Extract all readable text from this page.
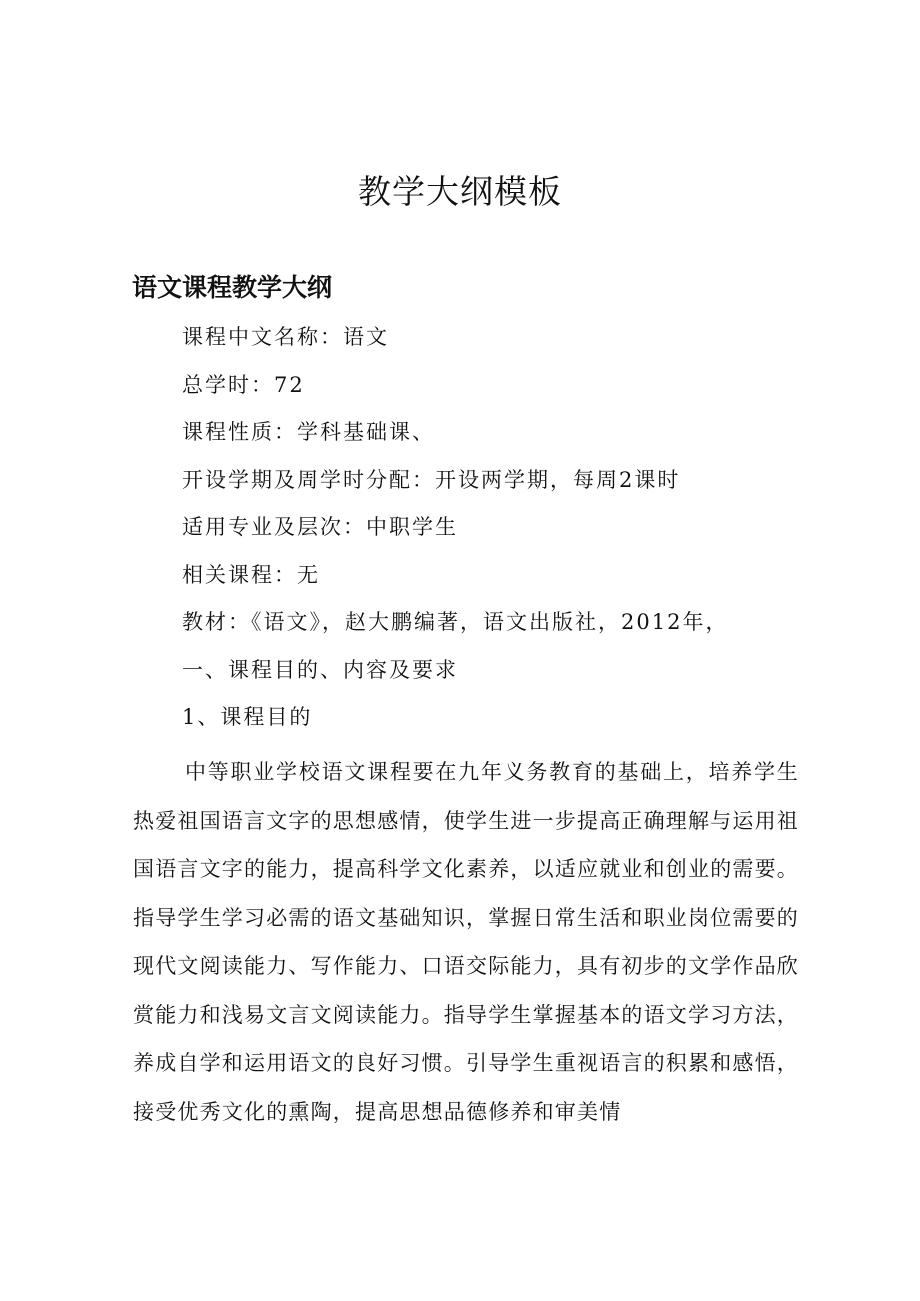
教学大纲模板
语文课程教学大纲
课程中文名称：语文
总学时：72
课程性质：学科基础课、
开设学期及周学时分配：开设两学期，每周2课时
适用专业及层次：中职学生
相关课程：无
教材：《语文》，赵大鹏编著，语文出版社，2012年，
一、课程目的、内容及要求
1、课程目的

中等职业学校语文课程要在九年义务教育的基础上，培养学生热爱祖国语言文字的思想感情，使学生进一步提高正确理解与运用祖国语言文字的能力，提高科学文化素养，以适应就业和创业的需要。指导学生学习必需的语文基础知识，掌握日常生活和职业岗位需要的现代文阅读能力、写作能力、口语交际能力，具有初步的文学作品欣赏能力和浅易文言文阅读能力。指导学生掌握基本的语文学习方法，养成自学和运用语文的良好习惯。引导学生重视语言的积累和感悟，接受优秀文化的熏陶，提高思想品德修养和审美情
